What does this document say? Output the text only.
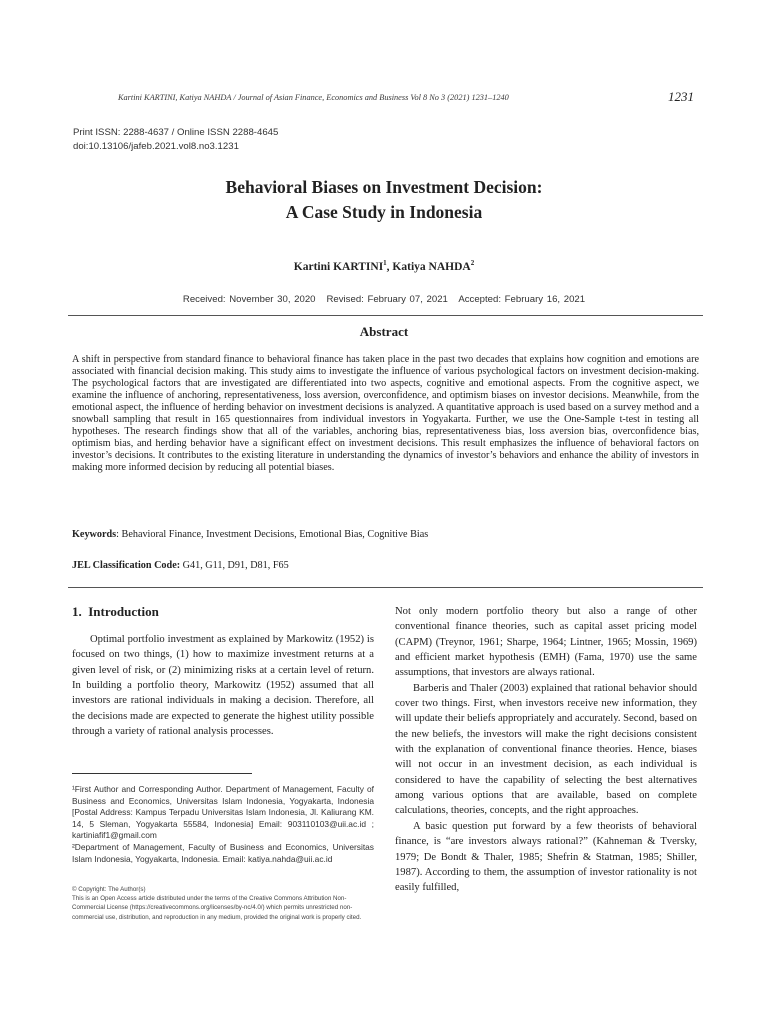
Kartini KARTINI, Katiya NAHDA / Journal of Asian Finance, Economics and Business Vol 8 No 3 (2021) 1231–1240	1231
Print ISSN: 2288-4637 / Online ISSN 2288-4645
doi:10.13106/jafeb.2021.vol8.no3.1231
Behavioral Biases on Investment Decision:
A Case Study in Indonesia
Kartini KARTINI$^1$, Katiya NAHDA$^2$
Received: November 30, 2020   Revised: February 07, 2021   Accepted: February 16, 2021
Abstract
A shift in perspective from standard finance to behavioral finance has taken place in the past two decades that explains how cognition and emotions are associated with financial decision making. This study aims to investigate the influence of various psychological factors on investment decision-making. The psychological factors that are investigated are differentiated into two aspects, cognitive and emotional aspects. From the cognitive aspect, we examine the influence of anchoring, representativeness, loss aversion, overconfidence, and optimism biases on investor decisions. Meanwhile, from the emotional aspect, the influence of herding behavior on investment decisions is analyzed. A quantitative approach is used based on a survey method and a snowball sampling that result in 165 questionnaires from individual investors in Yogyakarta. Further, we use the One-Sample t-test in testing all hypotheses. The research findings show that all of the variables, anchoring bias, representativeness bias, loss aversion bias, overconfidence bias, optimism bias, and herding behavior have a significant effect on investment decisions. This result emphasizes the influence of behavioral factors on investor’s decisions. It contributes to the existing literature in understanding the dynamics of investor’s behaviors and enhance the ability of investors in making more informed decision by reducing all potential biases.
Keywords: Behavioral Finance, Investment Decisions, Emotional Bias, Cognitive Bias
JEL Classification Code: G41, G11, D91, D81, F65
1.  Introduction

Optimal portfolio investment as explained by Markowitz (1952) is focused on two things, (1) how to maximize investment returns at a given level of risk, or (2) minimizing risks at a certain level of return. In building a portfolio theory, Markowitz (1952) assumed that all investors are rational individuals in making a decision. Therefore, all the decisions made are expected to generate the highest utility possible through a variety of rational analysis processes.

¹First Author and Corresponding Author. Department of Management, Faculty of Business and Economics, Universitas Islam Indonesia, Yogyakarta, Indonesia [Postal Address: Kampus Terpadu Universitas Islam Indonesia, Jl. Kaliurang KM. 14, 5 Sleman, Yogyakarta 55584, Indonesia] Email: 903110103@uii.ac.id ; kartiniafif1@gmail.com

²Department of Management, Faculty of Business and Economics, Universitas Islam Indonesia, Yogyakarta, Indonesia. Email: katiya.nahda@uii.ac.id

© Copyright: The Author(s)

This is an Open Access article distributed under the terms of the Creative Commons Attribution Non-Commercial License (https://creativecommons.org/licenses/by-nc/4.0/) which permits unrestricted non-commercial use, distribution, and reproduction in any medium, provided the original work is properly cited.

Not only modern portfolio theory but also a range of other conventional finance theories, such as capital asset pricing model (CAPM) (Treynor, 1961; Sharpe, 1964; Lintner, 1965; Mossin, 1969) and efficient market hypothesis (EMH) (Fama, 1970) use the same assumptions, that investors are always rational.

Barberis and Thaler (2003) explained that rational behavior should cover two things. First, when investors receive new information, they will update their beliefs appropriately and accurately. Second, based on the new beliefs, the investors will make the right decisions consistent with the explanation of conventional finance theories. Hence, biases will not occur in an investment decision, as each individual is considered to have the capability of selecting the best alternatives among various options that are available, based on complete calculations, theories, concepts, and the right approaches.

A basic question put forward by a few theorists of behavioral finance, is “are investors always rational?” (Kahneman & Tversky, 1979; De Bondt & Thaler, 1985; Shefrin & Statman, 1985; Shiller, 1987). According to them, the assumption of investor rationality is not easily fulfilled,
